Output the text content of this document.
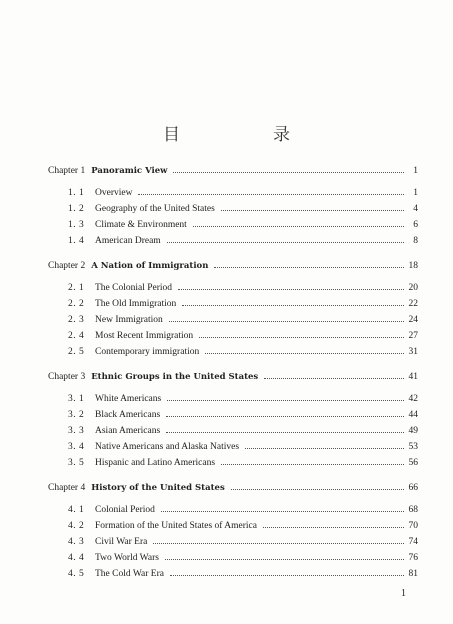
目　录
Chapter 1 Panoramic View	1
1. 1	Overview	1
1. 2	Geography of the United States	4
1. 3	Climate & Environment	6
1. 4	American Dream	8
Chapter 2 A Nation of Immigration	18
2. 1	The Colonial Period	20
2. 2	The Old Immigration	22
2. 3	New Immigration	24
2. 4	Most Recent Immigration	27
2. 5	Contemporary immigration	31
Chapter 3 Ethnic Groups in the United States	41
3. 1	White Americans	42
3. 2	Black Americans	44
3. 3	Asian Americans	49
3. 4	Native Americans and Alaska Natives	53
3. 5	Hispanic and Latino Americans	56
Chapter 4 History of the United States	66
4. 1	Colonial Period	68
4. 2	Formation of the United States of America	70
4. 3	Civil War Era	74
4. 4	Two World Wars	76
4. 5	The Cold War Era	81
1
